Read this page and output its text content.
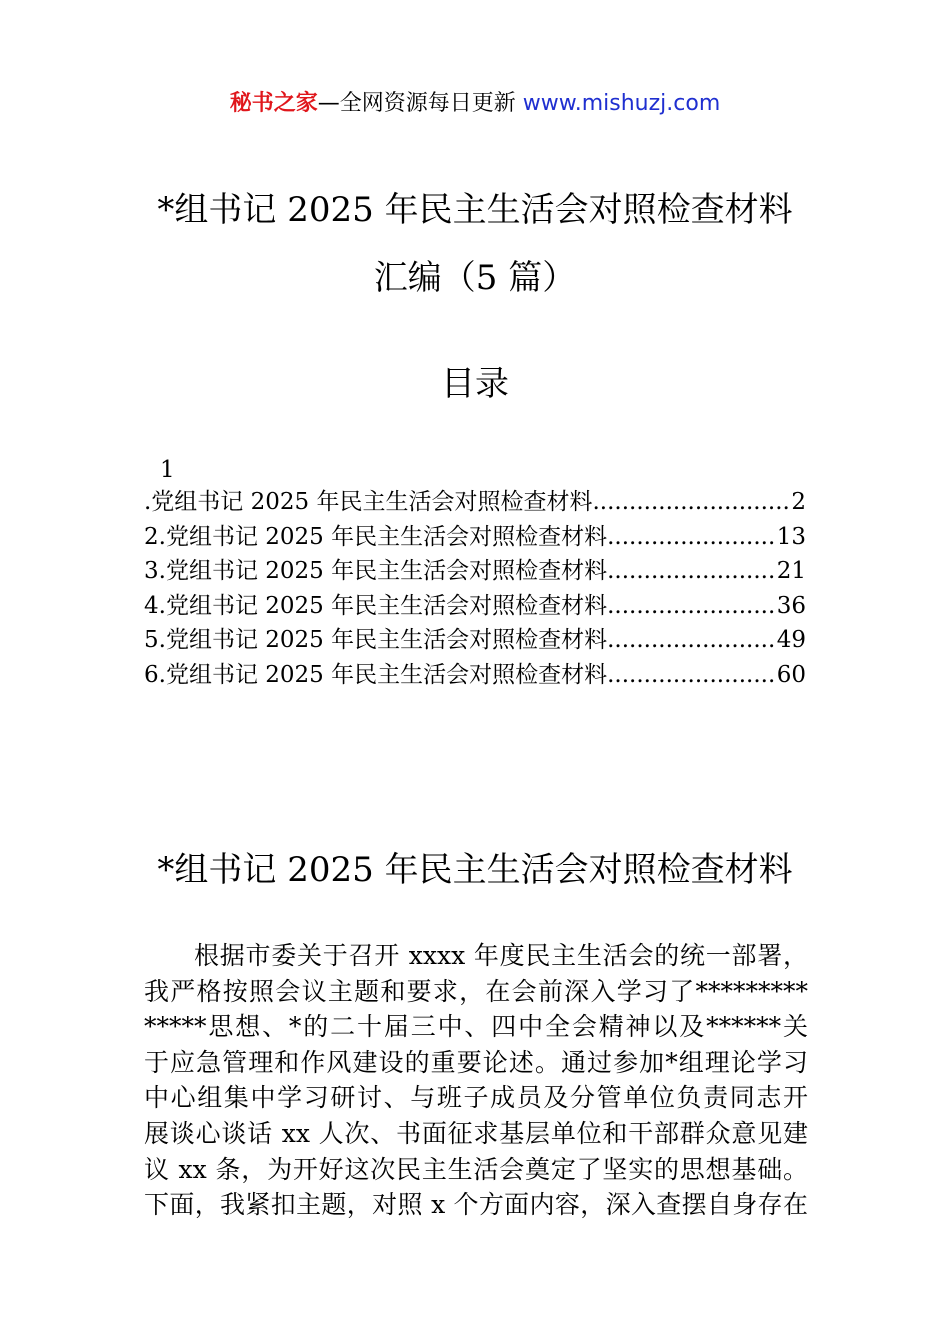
秘书之家—全网资源每日更新 www.mishuzj.com
*组书记 2025 年民主生活会对照检查材料
汇编（5 篇）
目录
1
.党组书记 2025 年民主生活会对照检查材料 .....	2
2.党组书记 2025 年民主生活会对照检查材料 .....	13
3.党组书记 2025 年民主生活会对照检查材料 .....	21
4.党组书记 2025 年民主生活会对照检查材料 .....	36
5.党组书记 2025 年民主生活会对照检查材料 .....	49
6.党组书记 2025 年民主生活会对照检查材料 .....	60
*组书记 2025 年民主生活会对照检查材料
根据市委关于召开 xxxx 年度民主生活会的统一部署，
我严格按照会议主题和要求，在会前深入学习了*********
*****思想、*的二十届三中、四中全会精神以及******关
于应急管理和作风建设的重要论述。通过参加*组理论学习
中心组集中学习研讨、与班子成员及分管单位负责同志开
展谈心谈话 xx 人次、书面征求基层单位和干部群众意见建
议 xx 条，为开好这次民主生活会奠定了坚实的思想基础。
下面，我紧扣主题，对照 x 个方面内容，深入查摆自身存在
